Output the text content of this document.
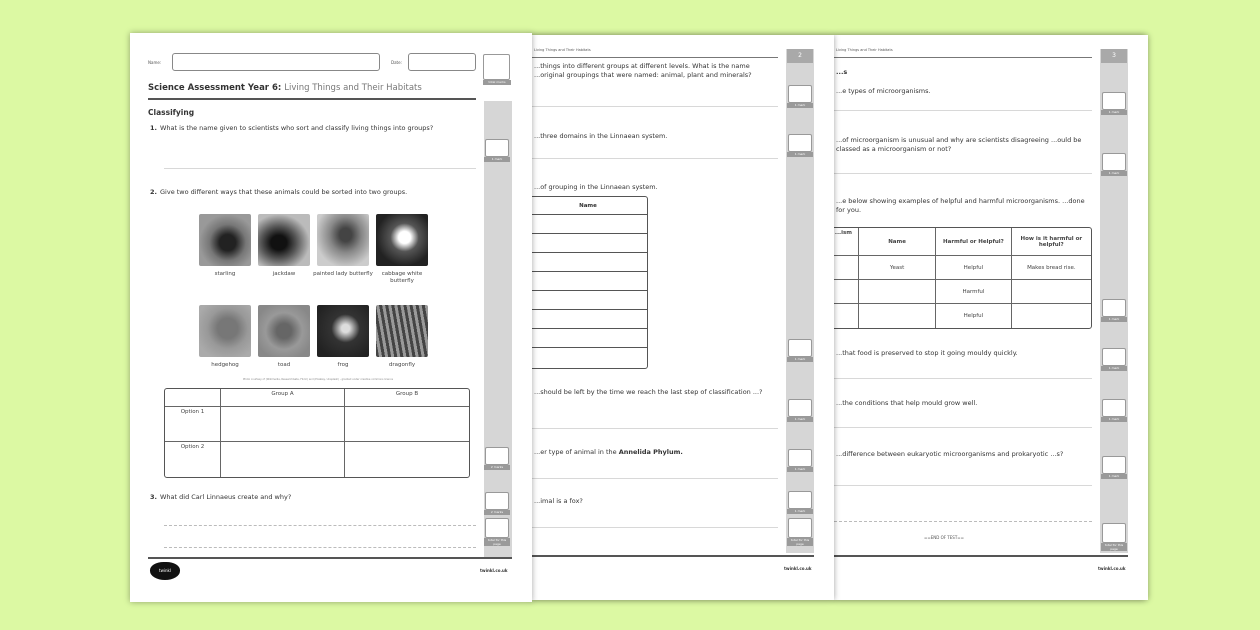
Name:	Date:
total marks
Science Assessment Year 6: Living Things and Their Habitats
Classifying
1. What is the name given to scientists who sort and classify living things into groups?
2. Give two different ways that these animals could be sorted into two groups.
starling	jackdaw	painted lady butterfly	cabbage white butterfly
hedgehog	toad	frog	dragonfly
Photo courtesy of (Wikimedia, ResearchGate, Flickr) and (Pixabay, Unsplash) - granted under creative commons licence
	Group A	Group B
Option 1		
Option 2		
3. What did Carl Linnaeus create and why?
1 mark
2 marks
2 marks
total for this page
twinkl	twinkl.co.uk
Living Things and Their Habitats
...things into different groups at different levels. What is the name ...original groupings that were named: animal, plant and minerals?
...three domains in the Linnaean system.
...of grouping in the Linnaean system.
Name
...should be left by the time we reach the last step of classification ...?
...er type of animal in the Annelida Phylum.
...imal is a fox?
2
1 mark
1 mark
1 mark
1 mark
1 mark
1 mark
total for this page
twinkl.co.uk
Living Things and Their Habitats
...s
...e types of microorganisms.
...of microorganism is unusual and why are scientists disagreeing ...ould be classed as a microorganism or not?
...e below showing examples of helpful and harmful microorganisms. ...done for you.
...ism	Name	Harmful or Helpful?	How is it harmful or helpful?
	Yeast	Helpful	Makes bread rise.
		Harmful	
		Helpful	
...that food is preserved to stop it going mouldy quickly.
...the conditions that help mould grow well.
...difference between eukaryotic microorganisms and prokaryotic ...s?
==END OF TEST==
3
1 mark
1 mark
1 mark
1 mark
1 mark
1 mark
total for this page
twinkl.co.uk
